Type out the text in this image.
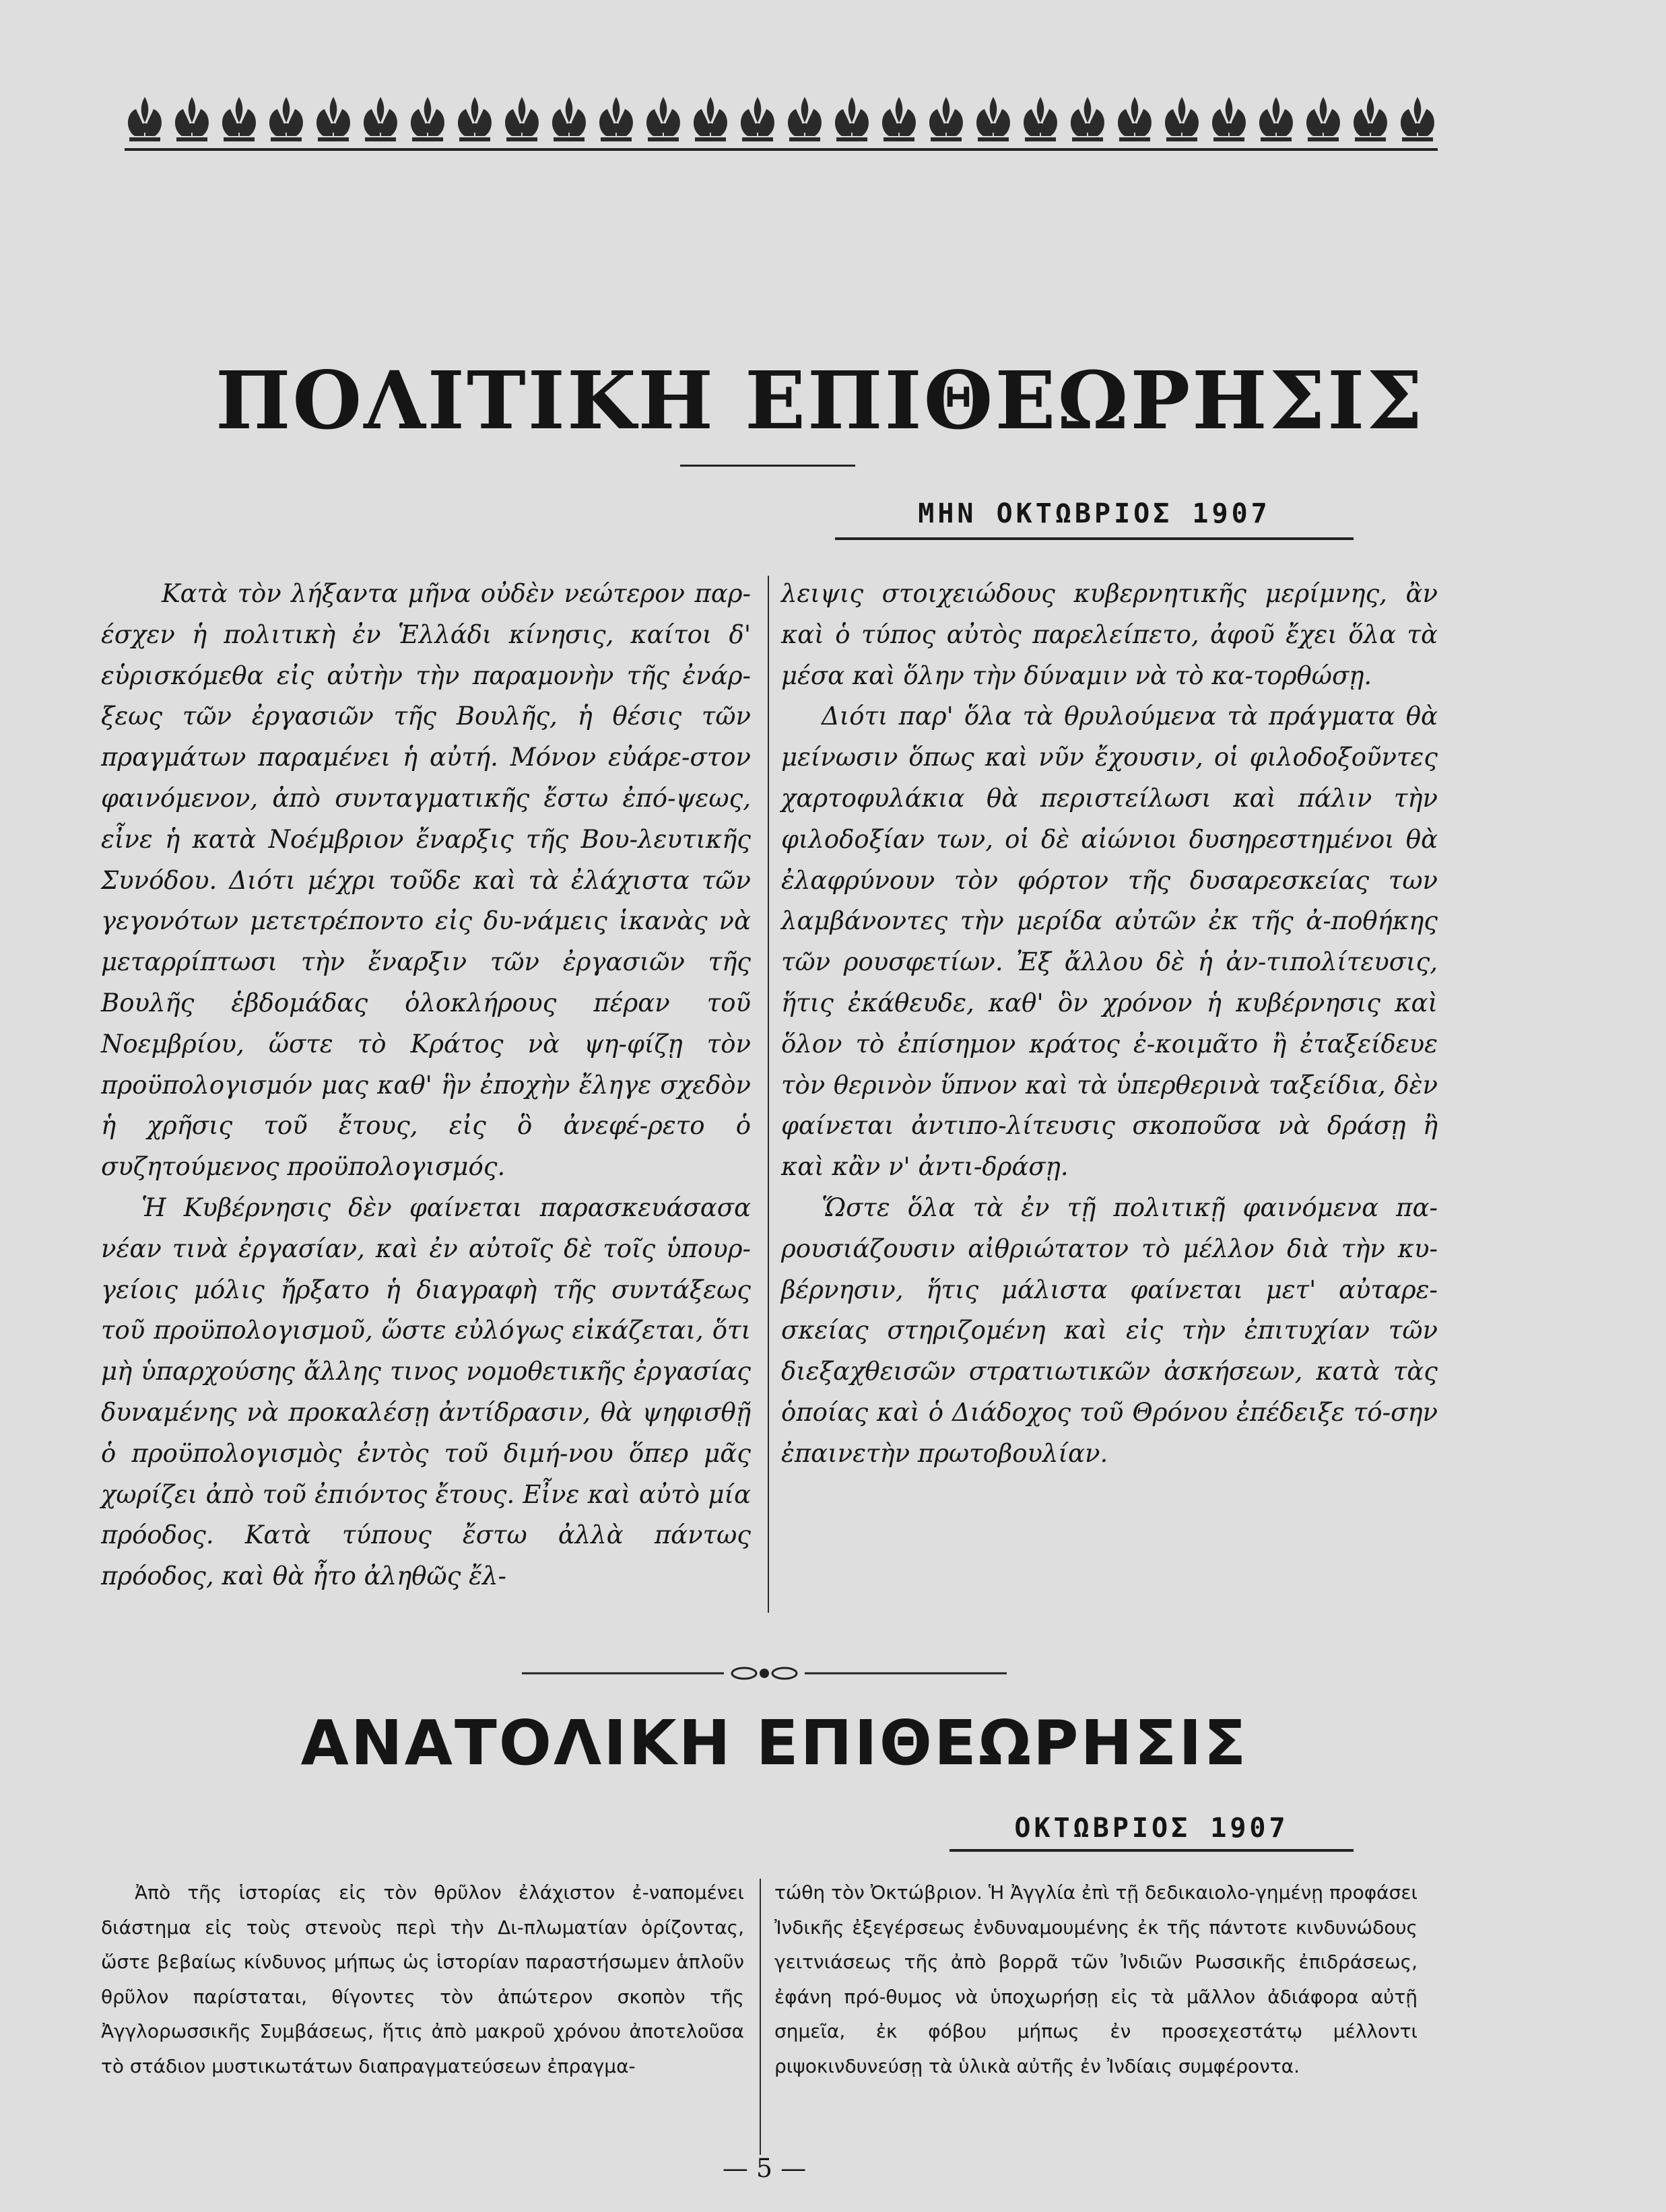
ΠΟΛΙΤΙΚΗ ΕΠΙΘΕΩΡΗΣΙΣ
ΜΗΝ ΟΚΤΩΒΡΙΟΣ 1907

Κατὰ τὸν λήξαντα μῆνα οὐδὲν νεώτερον παρ-έσχεν ἡ πολιτικὴ ἐν Ἑλλάδι κίνησις, καίτοι δ' εὑρισκόμεθα εἰς αὐτὴν τὴν παραμονὴν τῆς ἐνάρ-ξεως τῶν ἐργασιῶν τῆς Βουλῆς, ἡ θέσις τῶν πραγμάτων παραμένει ἡ αὐτή. Μόνον εὐάρε-στον φαινόμενον, ἀπὸ συνταγματικῆς ἔστω ἐπό-ψεως, εἶνε ἡ κατὰ Νοέμβριον ἔναρξις τῆς Βου-λευτικῆς Συνόδου. Διότι μέχρι τοῦδε καὶ τὰ ἐλάχιστα τῶν γεγονότων μετετρέποντο εἰς δυ-νάμεις ἱκανὰς νὰ μεταρρίπτωσι τὴν ἔναρξιν τῶν ἐργασιῶν τῆς Βουλῆς ἑβδομάδας ὁλοκλήρους πέραν τοῦ Νοεμβρίου, ὥστε τὸ Κράτος νὰ ψη-φίζῃ τὸν προϋπολογισμόν μας καθ' ἣν ἐποχὴν ἔληγε σχεδὸν ἡ χρῆσις τοῦ ἔτους, εἰς ὃ ἀνεφέ-ρετο ὁ συζητούμενος προϋπολογισμός.

Ἡ Κυβέρνησις δὲν φαίνεται παρασκευάσασα νέαν τινὰ ἐργασίαν, καὶ ἐν αὐτοῖς δὲ τοῖς ὑπουρ-γείοις μόλις ἤρξατο ἡ διαγραφὴ τῆς συντάξεως τοῦ προϋπολογισμοῦ, ὥστε εὐλόγως εἰκάζεται, ὅτι μὴ ὑπαρχούσης ἄλλης τινος νομοθετικῆς ἐργασίας δυναμένης νὰ προκαλέσῃ ἀντίδρασιν, θὰ ψηφισθῇ ὁ προϋπολογισμὸς ἐντὸς τοῦ διμή-νου ὅπερ μᾶς χωρίζει ἀπὸ τοῦ ἐπιόντος ἔτους. Εἶνε καὶ αὐτὸ μία πρόοδος. Κατὰ τύπους ἔστω ἀλλὰ πάντως πρόοδος, καὶ θὰ ἦτο ἀληθῶς ἔλ-

λειψις στοιχειώδους κυβερνητικῆς μερίμνης, ἂν καὶ ὁ τύπος αὐτὸς παρελείπετο, ἀφοῦ ἔχει ὅλα τὰ μέσα καὶ ὅλην τὴν δύναμιν νὰ τὸ κα-τορθώσῃ.

Διότι παρ' ὅλα τὰ θρυλούμενα τὰ πράγματα θὰ μείνωσιν ὅπως καὶ νῦν ἔχουσιν, οἱ φιλοδοξοῦντες χαρτοφυλάκια θὰ περιστείλωσι καὶ πάλιν τὴν φιλοδοξίαν των, οἱ δὲ αἰώνιοι δυσηρεστημένοι θὰ ἐλαφρύνουν τὸν φόρτον τῆς δυσαρεσκείας των λαμβάνοντες τὴν μερίδα αὐτῶν ἐκ τῆς ἀ-ποθήκης τῶν ρουσφετίων. Ἐξ ἄλλου δὲ ἡ ἀν-τιπολίτευσις, ἥτις ἐκάθευδε, καθ' ὃν χρόνον ἡ κυβέρνησις καὶ ὅλον τὸ ἐπίσημον κράτος ἐ-κοιμᾶτο ἢ ἐταξείδευε τὸν θερινὸν ὕπνον καὶ τὰ ὑπερθερινὰ ταξείδια, δὲν φαίνεται ἀντιπο-λίτευσις σκοποῦσα νὰ δράσῃ ἢ καὶ κἂν ν' ἀντι-δράσῃ.

Ὥστε ὅλα τὰ ἐν τῇ πολιτικῇ φαινόμενα πα-ρουσιάζουσιν αἰθριώτατον τὸ μέλλον διὰ τὴν κυ-βέρνησιν, ἥτις μάλιστα φαίνεται μετ' αὐταρε-σκείας στηριζομένη καὶ εἰς τὴν ἐπιτυχίαν τῶν διεξαχθεισῶν στρατιωτικῶν ἀσκήσεων, κατὰ τὰς ὁποίας καὶ ὁ Διάδοχος τοῦ Θρόνου ἐπέδειξε τό-σην ἐπαινετὴν πρωτοβουλίαν.

ΑΝΑΤΟΛΙΚΗ ΕΠΙΘΕΩΡΗΣΙΣ
ΟΚΤΩΒΡΙΟΣ 1907

Ἀπὸ τῆς ἱστορίας εἰς τὸν θρῦλον ἐλάχιστον ἐ-ναπομένει διάστημα εἰς τοὺς στενοὺς περὶ τὴν Δι-πλωματίαν ὁρίζοντας, ὥστε βεβαίως κίνδυνος μήπως ὡς ἱστορίαν παραστήσωμεν ἁπλοῦν θρῦλον παρίσταται, θίγοντες τὸν ἀπώτερον σκοπὸν τῆς Ἀγγλορωσσικῆς Συμβάσεως, ἥτις ἀπὸ μακροῦ χρόνου ἀποτελοῦσα τὸ στάδιον μυστικωτάτων διαπραγματεύσεων ἐπραγμα-

τώθη τὸν Ὀκτώβριον. Ἡ Ἀγγλία ἐπὶ τῇ δεδικαιολο-γημένῃ προφάσει Ἰνδικῆς ἐξεγέρσεως ἐνδυναμουμένης ἐκ τῆς πάντοτε κινδυνώδους γειτνιάσεως τῆς ἀπὸ βορρᾶ τῶν Ἰνδιῶν Ρωσσικῆς ἐπιδράσεως, ἐφάνη πρό-θυμος νὰ ὑποχωρήσῃ εἰς τὰ μᾶλλον ἀδιάφορα αὐτῇ σημεῖα, ἐκ φόβου μήπως ἐν προσεχεστάτῳ μέλλοντι ριψοκινδυνεύσῃ τὰ ὑλικὰ αὐτῆς ἐν Ἰνδίαις συμφέροντα.

— 5 —
